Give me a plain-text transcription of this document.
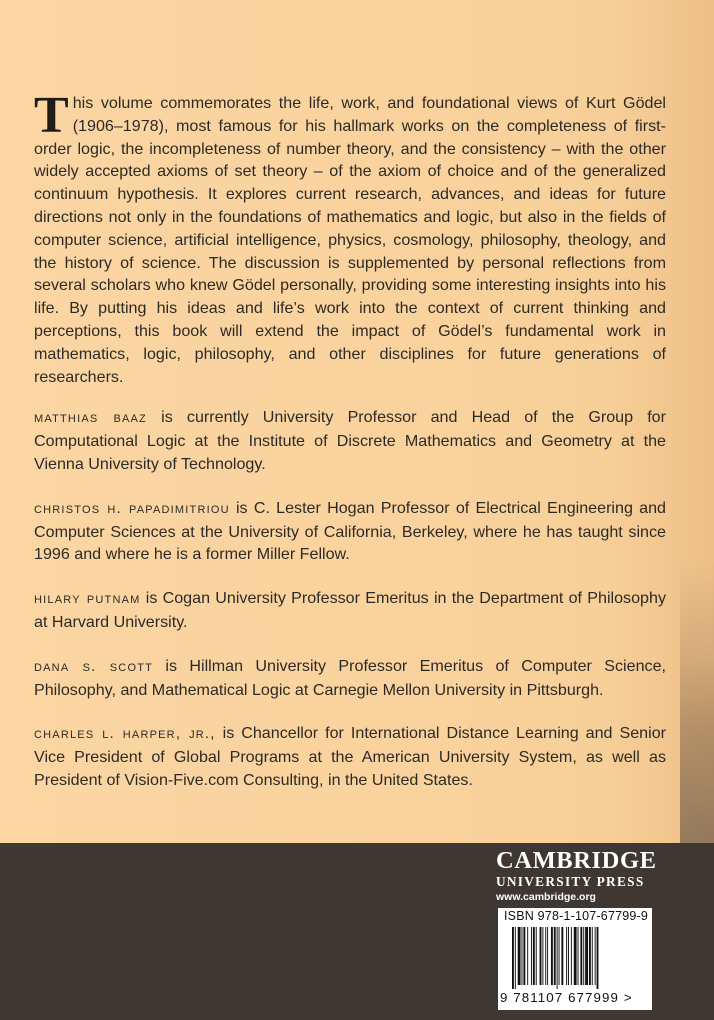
This volume commemorates the life, work, and foundational views of Kurt Gödel (1906–1978), most famous for his hallmark works on the completeness of first-order logic, the incompleteness of number theory, and the consistency – with the other widely accepted axioms of set theory – of the axiom of choice and of the generalized continuum hypothesis. It explores current research, advances, and ideas for future directions not only in the foundations of mathematics and logic, but also in the fields of computer science, artificial intelligence, physics, cosmology, philosophy, theology, and the history of science. The discussion is supplemented by personal reflections from several scholars who knew Gödel personally, providing some interesting insights into his life. By putting his ideas and life’s work into the context of current thinking and perceptions, this book will extend the impact of Gödel’s fundamental work in mathematics, logic, philosophy, and other disciplines for future generations of researchers.

matthias baaz is currently University Professor and Head of the Group for Computational Logic at the Institute of Discrete Mathematics and Geometry at the Vienna University of Technology.

christos h. papadimitriou is C. Lester Hogan Professor of Electrical Engineering and Computer Sciences at the University of California, Berkeley, where he has taught since 1996 and where he is a former Miller Fellow.

hilary putnam is Cogan University Professor Emeritus in the Department of Philosophy at Harvard University.

dana s. scott is Hillman University Professor Emeritus of Computer Science, Philosophy, and Mathematical Logic at Carnegie Mellon University in Pittsburgh.

charles l. harper, jr., is Chancellor for International Distance Learning and Senior Vice President of Global Programs at the American University System, as well as President of Vision-Five.com Consulting, in the United States.

CAMBRIDGE
UNIVERSITY PRESS
www.cambridge.org
ISBN 978-1-107-67799-9
9 781107 677999 >
